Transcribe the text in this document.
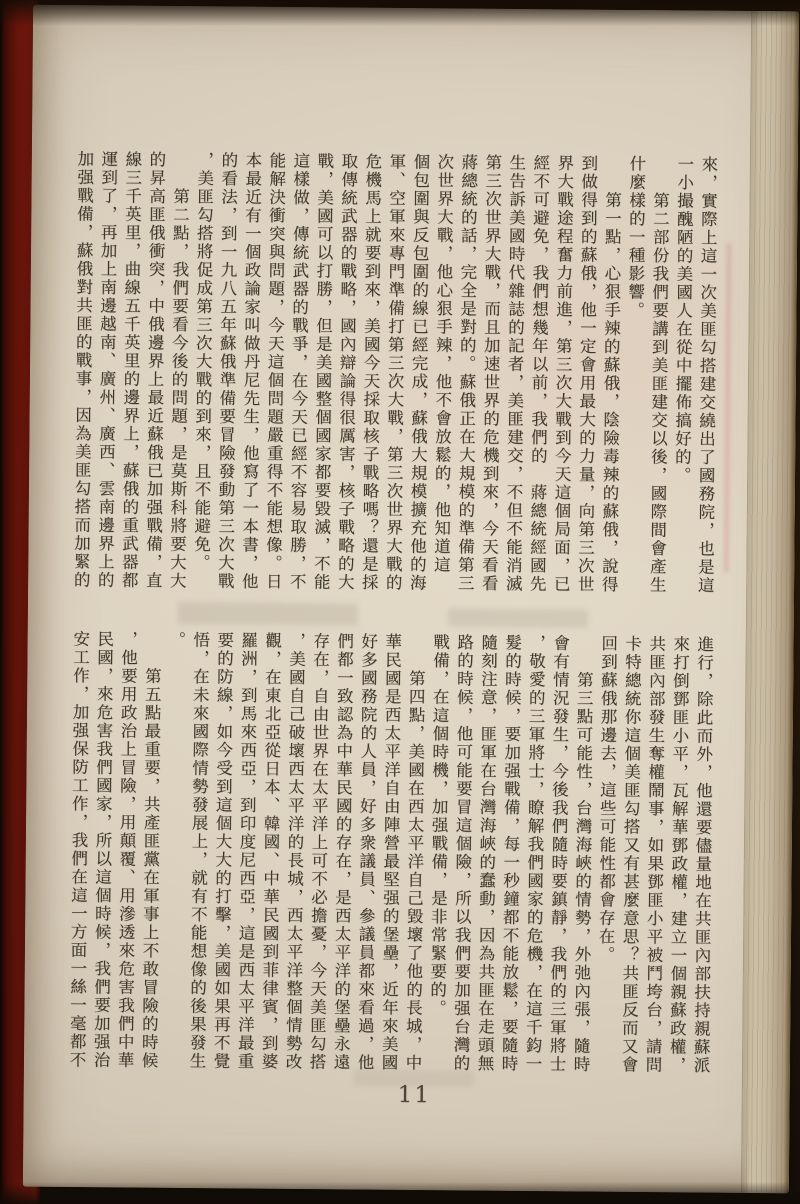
來，實際上這一次美匪勾搭建交繞出了國務院，也是這
一小撮醜陋的美國人在從中擺佈搞好的。
　　第二部份我們要講到美匪建交以後，國際間會產生
什麼樣的一種影響。
　　第一點，心狠手辣的蘇俄，陰險毒辣的蘇俄，說得
到做得到的蘇俄，他一定會用最大的力量，向第三次世
界大戰途程奮力前進，第三次大戰到今天這個局面，已
經不可避免，我們想幾年以前，我們的　蔣總統經國先
生告訴美國時代雜誌的記者，美匪建交，不但不能消滅
第三次世界大戰，而且加速世界的危機到來，今天看看
蔣總統的話，完全是對的。蘇俄正在大規模的準備第三
次世界大戰，他心狠手辣，他不會放鬆的，他知道這
個包圍與反包圍的線已經完成，蘇俄大規模擴充他的海
軍、空軍來專門準備打第三次大戰，第三次世界大戰的
危機馬上就要到來，美國今天採取核子戰略嗎？還是採
取傳統武器的戰略，國內辯論得很厲害，核子戰略的大
戰，美國可以打勝，但是美國整個國家都要毀滅，不能
這樣做，傳統武器的戰爭，在今天已經不容易取勝，不
能解決衝突與問題，今天這個問題嚴重得不能想像。日
本最近有一個政論家叫做丹尼先生，他寫了一本書，他
的看法，到一九八五年蘇俄準備要冒險發動第三次大戰
，美匪勾搭將促成第三次大戰的到來，且不能避免。
　　第二點，我們要看今後的問題，是莫斯科將要大大
的昇高匪俄衝突，中俄邊界上最近蘇俄已加强戰備，直
線三千英里，曲線五千英里的邊界上，蘇俄的重武器都
運到了，再加上南邊越南、廣州、廣西、雲南邊界上的
加强戰備，蘇俄對共匪的戰事，因為美匪勾搭而加緊的
進行，除此而外，他還要儘量地在共匪內部扶持親蘇派
來打倒鄧匪小平，瓦解華鄧政權，建立一個親蘇政權，
共匪內部發生奪權鬧事，如果鄧匪小平被鬥垮台，請問
卡特總統你這個美匪勾搭又有甚麼意思？共匪反而又會
回到蘇俄那邊去，這些可能性都會存在。
　　第三點可能性，台灣海峽的情勢，外弛內張，隨時
會有情況發生，今後我們隨時要鎮靜，我們的三軍將士
，敬愛的三軍將士，瞭解我們國家的危機，在這千鈞一
髮的時候，要加强戰備，每一秒鐘都不能放鬆，要隨時
隨刻注意，匪軍在台灣海峽的蠢動，因為共匪在走頭無
路的時候，他可能要冒這個險，所以我們要加强台灣的
戰備，在這個時機，加强戰備，是非常緊要的。
　　第四點，美國在西太平洋自己毀壞了他的長城，中
華民國是西太平洋自由陣營最堅强的堡壘，近年來美國
好多國務院的人員，好多衆議員、參議員都來看過，他
們都一致認為中華民國的存在，是西太平洋的堡壘永遠
存在，自由世界在太平洋上可不必擔憂，今天美匪勾搭
，美國自己破壞西太平洋的長城，西太平洋整個情勢改
觀，在東北亞從日本、韓國、中華民國到菲律賓，到婆
羅洲，到馬來西亞，到印度尼西亞，這是西太平洋最重
要的防線，如今受到這個大大的打擊，美國如果再不覺
悟，在未來國際情勢發展上，就有不能想像的後果發生
。
　　第五點最重要，共產匪黨在軍事上不敢冒險的時候
，他要用政治上冒險，用顛覆、用滲透來危害我們中華
民國，來危害我們國家，所以這個時候，我們要加强治
安工作，加强保防工作，我們在這一方面一絲一毫都不
11
